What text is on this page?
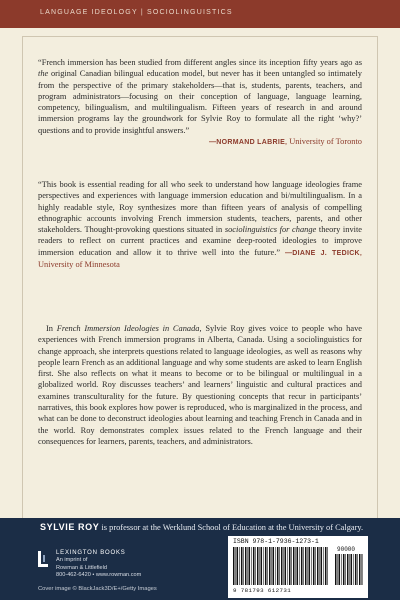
LANGUAGE IDEOLOGY | SOCIOLINGUISTICS
“French immersion has been studied from different angles since its inception fifty years ago as the original Canadian bilingual education model, but never has it been untangled so intimately from the perspective of the primary stakeholders—that is, students, parents, teachers, and program administrators—focusing on their conception of language, language learning, competency, bilingualism, and multilingualism. Fifteen years of research in and around immersion programs lay the groundwork for Sylvie Roy to formulate all the right ‘why?’ questions and to provide insightful answers.”
—NORMAND LABRIE, University of Toronto
“This book is essential reading for all who seek to understand how language ideologies frame perspectives and experiences with language immersion education and bi/multilingualism. In a highly readable style, Roy synthesizes more than fifteen years of analysis of compelling ethnographic accounts involving French immersion students, teachers, parents, and other stakeholders. Thought-provoking questions situated in sociolinguistics for change theory invite readers to reflect on current practices and examine deep-rooted ideologies to improve immersion education and allow it to thrive well into the future.” —DIANE J. TEDICK, University of Minnesota
In French Immersion Ideologies in Canada, Sylvie Roy gives voice to people who have experiences with French immersion programs in Alberta, Canada. Using a sociolinguistics for change approach, she interprets questions related to language ideologies, as well as reasons why people learn French as an additional language and why some students are asked to learn English first. She also reflects on what it means to become or to be bilingual or multilingual in a globalized world. Roy discusses teachers’ and learners’ linguistic and cultural practices and examines transculturality for the future. By questioning concepts that recur in participants’ narratives, this book explores how power is reproduced, who is marginalized in the process, and what can be done to deconstruct ideologies about learning and teaching French in Canada and in the world. Roy demonstrates complex issues related to the French language and their consequences for learners, parents, teachers, and administrators.
SYLVIE ROY is professor at the Werklund School of Education at the University of Calgary.
LEXINGTON BOOKS
An imprint of
Rowman & Littlefield
800-462-6420 • www.rowman.com
Cover image © BlackJack3D/E+/Getty Images
ISBN 978-1-7936-1273-1
90000
9 781793 612731
